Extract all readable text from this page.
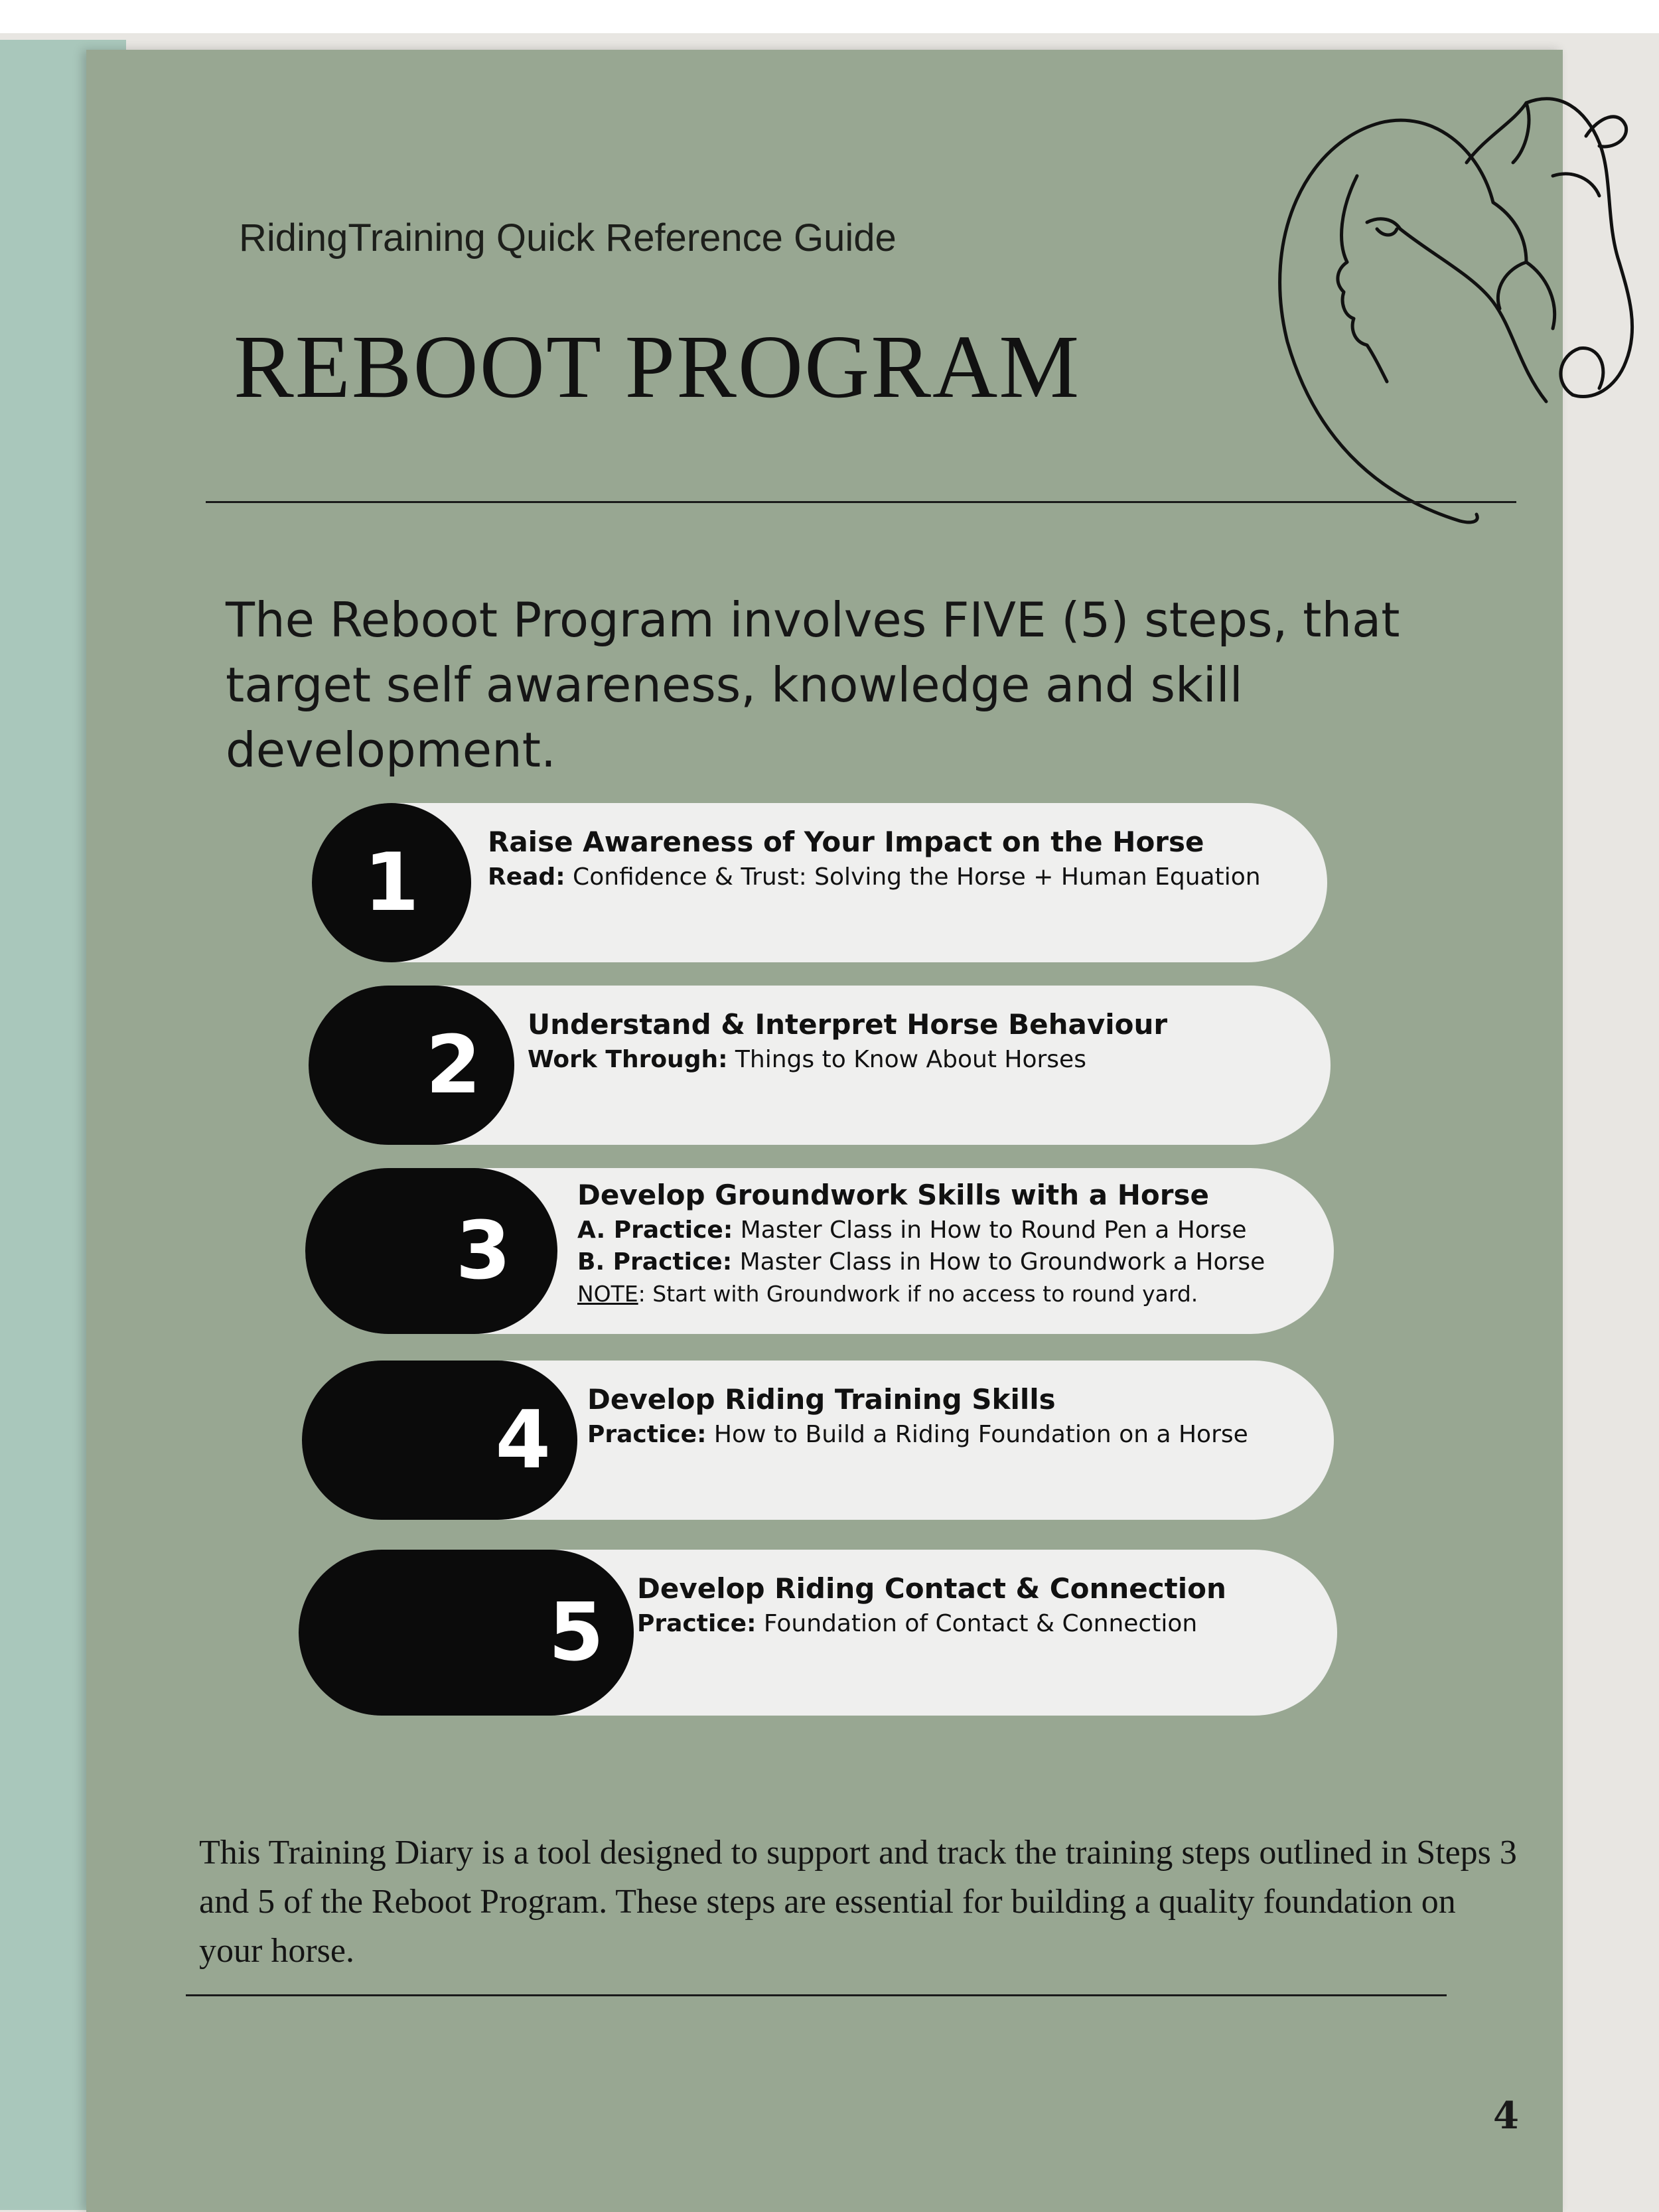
RidingTraining Quick Reference Guide
REBOOT PROGRAM
The Reboot Program involves FIVE (5) steps, that target self awareness, knowledge and skill development.
1	Raise Awareness of Your Impact on the Horse
Read: Confidence & Trust: Solving the Horse + Human Equation
2	Understand & Interpret Horse Behaviour
Work Through: Things to Know About Horses
3
Develop Groundwork Skills with a Horse
A. Practice: Master Class in How to Round Pen a Horse
B. Practice: Master Class in How to Groundwork a Horse
NOTE: Start with Groundwork if no access to round yard.
4	Develop Riding Training Skills
Practice: How to Build a Riding Foundation on a Horse
5	Develop Riding Contact & Connection
Practice: Foundation of Contact & Connection
This Training Diary is a tool designed to support and track the training steps outlined in Steps 3 and 5 of the Reboot Program. These steps are essential for building a quality foundation on your horse.
4
